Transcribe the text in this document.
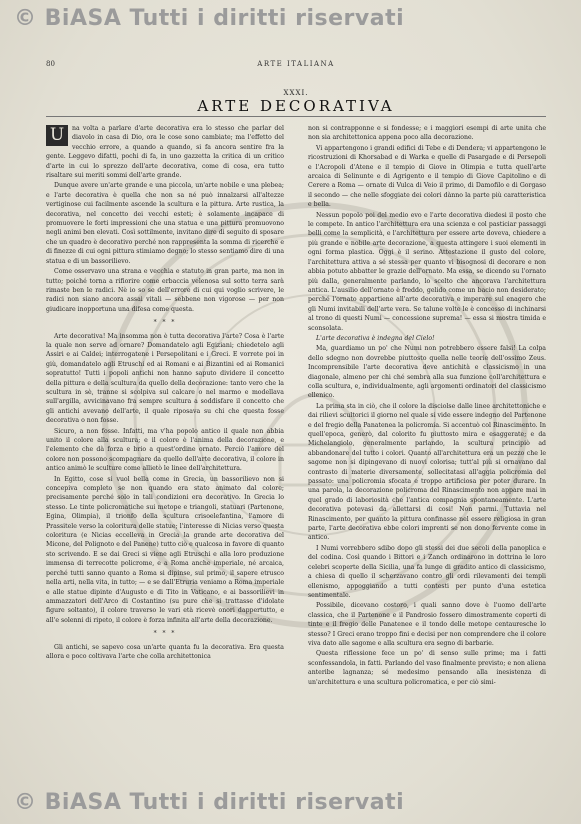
© BiASA Tutti i diritti riservati
80	ARTE ITALIANA
XXXI.
ARTE DECORATIVA

U	na volta a parlare d'arte decorativa era lo stesso che parlar del diavolo in casa di Dio, ora le cose sono cambiate; ma l'effetto del vecchio errore, a quando a quando, si fa ancora sentire fra la gente. Leggevo difatti, pochi di fa, in uno gazzetta la critica di un critico d'arte in cui lo sprezzo dell'arte decorativa, come di cosa, era tutto risaltare sui meriti sommi dell'arte grande.

Dunque avere un'arte grande e una piccola, un'arte nobile e una plebea; e l'arte decorativa è quella che non sa né può innalzarsi all'altezze vertiginose cui facilmente ascende la scultura e la pittura. Arte rustica, la decorativa, nel concetto dei vecchi esteti; è solamente incapace di promuovere le forti impressioni che una statua e una pittura promuovono negli animi ben elevati. Così sottilmente, invitano dire di seguito di sposare che un quadro è decorativo perché non rappresenta la somma di ricerche e di finezze di cui ogni pittura stimiamo degno; lo stesso sentiamo dire di una statua e di un bassorilievo.

Come osservavo una strana e vecchia e statuto in gran parte, ma non in tutto; poiché torna a rifiorire come erbaccia velenosa sul sotto terra sarà rimaste ben le radici. Nè io so se dell'errore di cui qui voglio scrivere, le radici non siano ancora assai vitali — sebbene non vigorose — per non giudicare inopportuna una difesa come questa.

* * *

Arte decorativa! Ma insomma non è tutta decorativa l'arte? Cosa è l'arte la quale non serve ad ornare? Domandatelo agli Egiziani; chiedetelo agli Assiri e ai Caldei; interrogatene i Persepolitani e i Greci. E vorrete poi in giù, domandatelo agli Etruschi ed ai Romani e ai Bizantini ed ai Romanici sopratutto! Tutti i popoli antichi non hanno saputo dividere il concetto della pittura e della scultura da quello della decorazione: tanto vero che la scultura in sè, tranne si scolpiva sul calcare o nel marmo e modellava sull'argilla, avvicinavano fra sempre scultura a soddisfare il concetto che gli antichi avevano dell'arte, il quale riposava su chi che questa fosse decorativa o non fosse.

Sicuro, a non fosse. Infatti, ma v'ha popolo antico il quale non abbia unito il colore alla scultura; e il colore è l'anima della decorazione, e l'elemento che dà forza e brio a quest'ordine ornato. Perciò l'amore del colore non possono scompagnare da quello dell'arte decorativa, il colore in antico animò le sculture come allietò le linee dell'architettura.

In Egitto, cose si vuol bella come in Grecia, un bassorilievo non si concepiva completo se non quando era stato animato dal colore; precisamente perché solo in tali condizioni era decorativo. In Grecia lo stesso. Le tinte policromatiche sui metope e triangoli, statuari (Partenone, Egina, Olimpia), il trionfo della scultura crisoelefantina, l'amore di Prassitele verso la coloritura delle statue; l'interesse di Nicias verso questa coloritura (e Nicias eccelleva in Grecia la grande arte decorativa del Micone, del Polignoto e del Panene) tutto ciò e qualcosa in favore di quanto sto scrivendo. E se dai Greci si viene agli Etruschi e alla loro produzione immensa di terrecotte policrome, e a Roma anche imperiale, né arcaica, perché tutti sanno quanto a Roma si dipinse, sul primo, il sapere etrusco nella arti, nella vita, in tutto; — e se dall'Etruria veniamo a Roma imperiale e alle statue dipinte d'Augusto e di Tito in Vaticano, e ai bassorilievi in ammazzatori dell'Arco di Costantino (su pure che si trattasse d'idolate figure soltanto), il colore traverso le vari età ricevè onori dappertutto, e all'e solenni di ripeto, il colore è forza infinita all'arte della decorazione.

* * *

Gli antichi, se sapevo cosa un'arte quanta fu la decorativa. Era questa allora e poco coltivava l'arte che colla architettonica

non si contrapponne e si fondesse; e i maggiori esempi di arte unita che non sia architettonica appena poco alla decorazione.

Vi appartengono i grandi edifici di Tebe e di Dendera; vi appartengono le ricostruzioni di Khorsabad e di Warka e quelle di Pasargade e di Persepoli e l'Acropoli d'Atene e il tempio di Giove in Olimpia e tutta quell'arte arcaica di Selinunte e di Agrigento e il tempio di Giove Capitolino e di Cerere a Roma — ornate di Vulca di Veio il primo, di Damofilo e di Gorgaso il secondo — che nelle sfoggiate dei colori dànno la parte più caratteristica e bella.

Nessun popolo poi del medio evo e l'arte decorativa diedesi il posto che le compete. In antico l'architettura era una scienza e col pasticiar passaggi belli come la semplicità, e l'architettura per essere arte doveva, chiedere a più grande e nobile arte decorazione, a questa attingere i suoi elementi in ogni forma plastica. Oggi è il serino. Attestazione il gusto del colore, l'architettura attiva a sé stessa per quanto vi bisognosi di decorare e non abbia potuto abbatter le grazie dell'ornato. Ma essa, se dicendo su l'ornato più dalla, generalmente parlando, lo scelto che ancorava l'architettura antica. L'ausilio dell'ornato è freddo, gelido come un bacio non desiderato; perché l'ornato appartiene all'arte decorativa e imperare sul enagero che gli Numi invitabili dell'arte vera. Se talune volte le è concesso di inchinarsi al trono di questi Numi — concessione suprema! — essa si mostra timida e sconsolata.

L'arte decorativa è indegna del Cielo!

Ma, guardiamo un po' che Numi non potrebbero essere falsi! La colpa dello sdegno non dovrebbe piuttosto quella nelle teorie dell'ossimo Zeus. Incomprensibile l'arte decorativa deve antichità e classicismo in una diagonale, almeno per chi ché sembra alla sua funzione coll'architettura e colla scultura, e, individualmente, agli argomenti ordinatori del classicismo ellenico.

La prima sta in ciò, che il colore la disciolse dalle linee architettoniche e dai rilievi scultorici il giorno nel quale si vide essere indegno del Partenone e del fregio della Panatenea la policromia. Si accentuò col Rinascimento. In quell'epoca, generò, dal colorito fu piuttosto mira e esaggerate; e da Michelangiolo, generalmente parlando, la scultura principiò ad abbandonare del tutto i colori. Quanto all'architettura era un pezzo che le sagome non si dipingevano di nuovi colorisa; tutt'al più si ornavano dal contrasto di materie diversamente, sollecitatasi all'aggia policromia del passato: una policromia sfocata e troppo artificiosa per poter durare. In una parola, la decorazione policroma del Rinascimento non appare mai in quel grado di laboriosità che l'antica compagnia spontaneamente. L'arte decorativa potevasi da allettarsi di cosi! Non parmi. Tuttavia nel Rinascimento, per quanto la pittura confinasse nel essere religiosa in gran parte, l'arte decorativa ebbe colori imprenti se non dono fervente come in antico.

I Numi vorrebbero sdibo dopo gli stessi dei due secoli della panoplica e del codina. Così quando i Bittori e i Zanch ordinarono in dottrina le loro celebri scoperte della Sicilia, una fa lunge di gradito antico di classicismo, a chiesa di quello il scherzavano contro gli ordi rilevamenti dei templi ellenismo, appoggiando a tutti contesti per punto d'una estetica sentimentale.

Possibile, dicevano costoro, i quali sanno dove è l'uomo dell'arte classica, che il Partenone e il Pandrosio fossero dimostramente coperti di tinte e il fregio delle Panatenee e il tondo delle metope centauresche lo stesso? I Greci erano troppo fini e decisi per non comprendere che il colore viva dato alle sagome e alla scultura era segno di barbarie.

Questa riflessione fece un po' di senso sulle prime; ma i fatti sconfessandola, in fatti. Parlando del vaso finalmente previsto; e non aliena anteribe lagnanza; sé medesimo pensando alla inesistenza di un'architettura e una scultura policromatica, e per ciò simi-

© BiASA Tutti i diritti riservati
